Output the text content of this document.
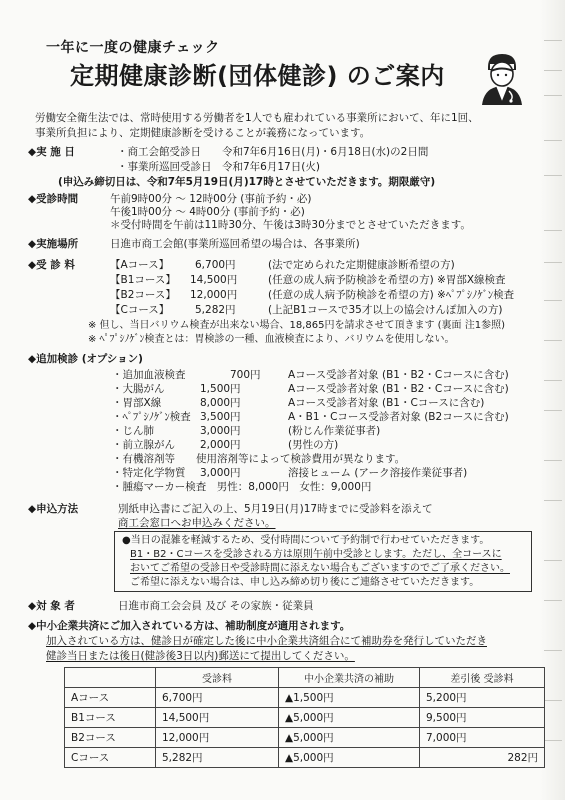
一年に一度の健康チェック
定期健康診断(団体健診) のご案内
労働安全衛生法では、常時使用する労働者を1人でも雇われている事業所において、年に1回、
事業所負担により、定期健康診断を受けることが義務になっています。
◆実 施 日	・商工会館受診日　　令和7年6月16日(月)・6月18日(水)の2日間
・事業所巡回受診日　令和7年6月17日(火)
(申込み締切日は、令和7年5月19日(月)17時とさせていただきます。期限厳守)
◆受診時間	午前9時00分 ～ 12時00分 (事前予約・必)
午後1時00分 ～ 4時00分 (事前予約・必)
＊受付時間を午前は11時30分、午後は3時30分までとさせていただきます。
◆実施場所	日進市商工会館(事業所巡回希望の場合は、各事業所)
◆受 診 料	【Aコース】 6,700円	(法で定められた定期健康診断希望の方)
【B1コース】 14,500円	(任意の成人病予防検診を希望の方) ※胃部X線検査
【B2コース】 12,000円	(任意の成人病予防検診を希望の方) ※ﾍﾟﾌﾟｼﾉｹﾞﾝ検査
【Cコース】 5,282円	(上記B1コースで35才以上の協会けんぽ加入の方)
※ 但し、当日バリウム検査が出来ない場合、18,865円を請求させて頂きます (裏面 注1参照)
※ ﾍﾟﾌﾟｼﾉｹﾞﾝ検査とは：胃検診の一種、血液検査により、バリウムを使用しない。
◆追加検診 (オプション)
・追加血液検査	700円	Aコース受診者対象 (B1・B2・Cコースに含む)
・大腸がん	1,500円	Aコース受診者対象 (B1・B2・Cコースに含む)
・胃部X線	8,000円	Aコース受診者対象 (B1・Cコースに含む)
・ﾍﾟﾌﾟｼﾉｹﾞﾝ検査 3,500円	A・B1・Cコース受診者対象 (B2コースに含む)
・じん肺	3,000円	(粉じん作業従事者)
・前立腺がん 2,000円	(男性の方)
・有機溶剤等　　使用溶剤等によって検診費用が異なります。
・特定化学物質 3,000円	溶接ヒューム (アーク溶接作業従事者)
・腫瘍マーカー検査　男性：8,000円　女性：9,000円
◆申込方法	別紙申込書にご記入の上、5月19日(月)17時までに受診料を添えて
商工会窓口へお申込みください。
●当日の混雑を軽減するため、受付時間について予約制で行わせていただきます。
B1・B2・Cコースを受診される方は原則午前中受診とします。ただし、全コースに
おいてご希望の受診日や受診時間に添えない場合もございますのでご了承ください。
ご希望に添えない場合は、申し込み締め切り後にご連絡させていただきます。
◆対 象 者	日進市商工会会員 及び その家族・従業員
◆中小企業共済にご加入されている方は、補助制度が適用されます。
加入されている方は、健診日が確定した後に中小企業共済組合にて補助券を発行していただき
健診当日または後日(健診後3日以内)郵送にて提出してください。
	受診料	中小企業共済の補助	差引後 受診料
Aコース	6,700円	▲1,500円	5,200円
B1コース	14,500円	▲5,000円	9,500円
B2コース	12,000円	▲5,000円	7,000円
Cコース	5,282円	▲5,000円	282円
